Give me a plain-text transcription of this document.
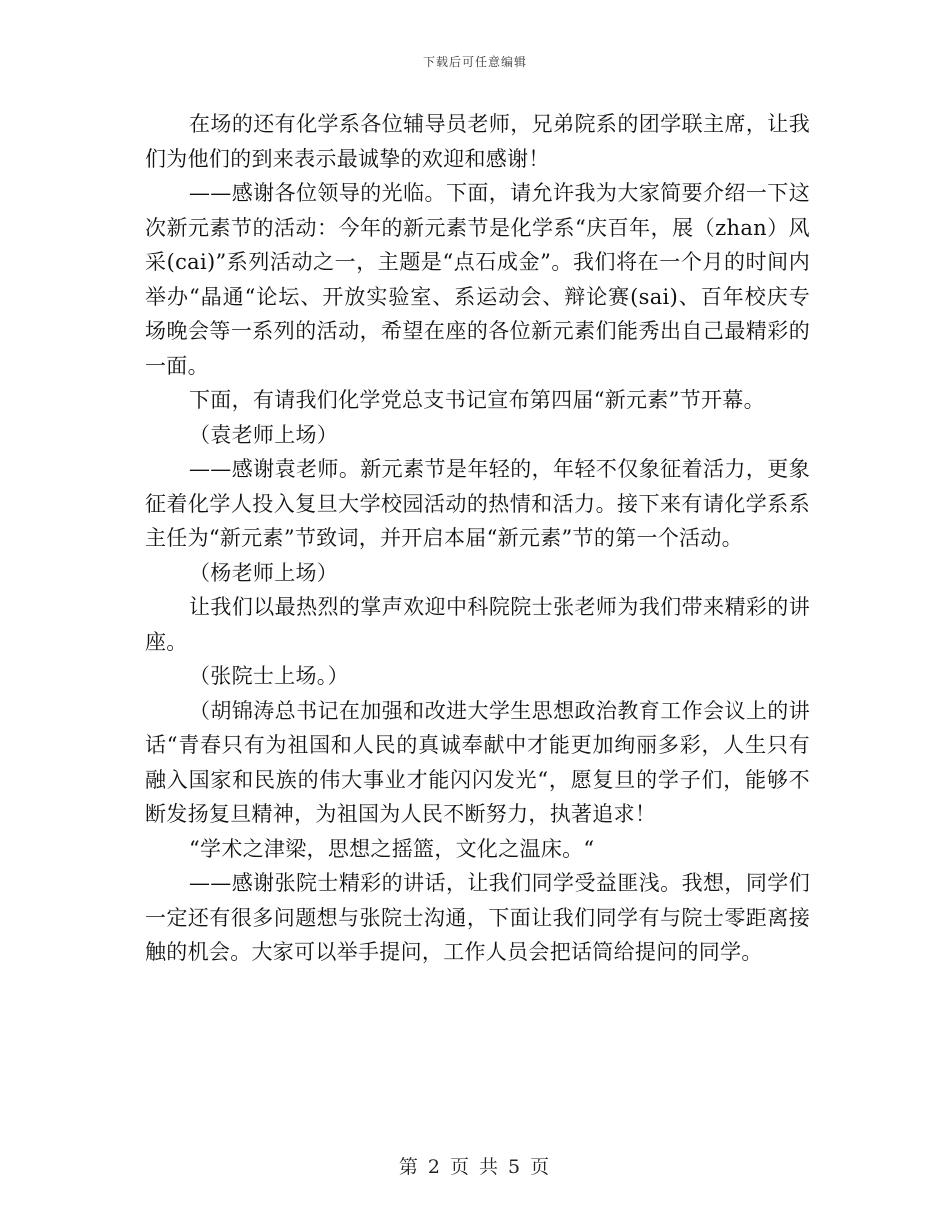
下载后可任意编辑

在场的还有化学系各位辅导员老师，兄弟院系的团学联主席，让我们为他们的到来表示最诚挚的欢迎和感谢！

——感谢各位领导的光临。下面，请允许我为大家简要介绍一下这次新元素节的活动：今年的新元素节是化学系“庆百年，展（zhan）风采(cai)”系列活动之一，主题是“点石成金”。我们将在一个月的时间内举办“晶通“论坛、开放实验室、系运动会、辩论赛(sai)、百年校庆专场晚会等一系列的活动，希望在座的各位新元素们能秀出自己最精彩的一面。

下面，有请我们化学党总支书记宣布第四届“新元素”节开幕。

（袁老师上场）

——感谢袁老师。新元素节是年轻的，年轻不仅象征着活力，更象征着化学人投入复旦大学校园活动的热情和活力。接下来有请化学系系主任为“新元素”节致词，并开启本届“新元素”节的第一个活动。

（杨老师上场）

让我们以最热烈的掌声欢迎中科院院士张老师为我们带来精彩的讲座。

（张院士上场。）

（胡锦涛总书记在加强和改进大学生思想政治教育工作会议上的讲话“青春只有为祖国和人民的真诚奉献中才能更加绚丽多彩，人生只有融入国家和民族的伟大事业才能闪闪发光“，愿复旦的学子们，能够不断发扬复旦精神，为祖国为人民不断努力，执著追求！

“学术之津梁，思想之摇篮，文化之温床。“

——感谢张院士精彩的讲话，让我们同学受益匪浅。我想，同学们一定还有很多问题想与张院士沟通，下面让我们同学有与院士零距离接触的机会。大家可以举手提问，工作人员会把话筒给提问的同学。

第 2 页 共 5 页
